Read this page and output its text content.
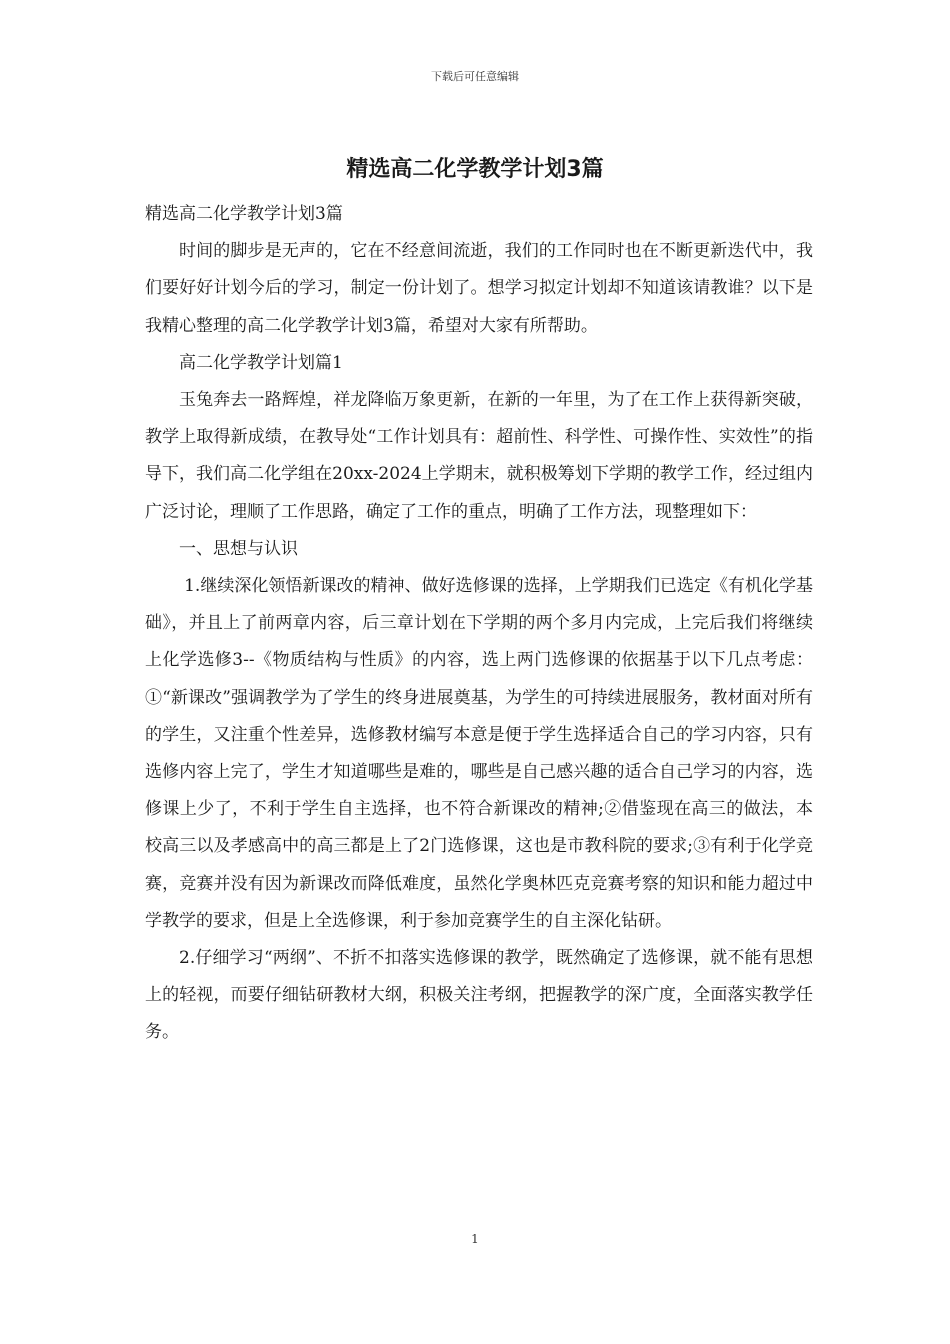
下载后可任意编辑
精选高二化学教学计划3篇

精选高二化学教学计划3篇

时间的脚步是无声的，它在不经意间流逝，我们的工作同时也在不断更新迭代中，我们要好好计划今后的学习，制定一份计划了。想学习拟定计划却不知道该请教谁？以下是我精心整理的高二化学教学计划3篇，希望对大家有所帮助。

高二化学教学计划篇1

玉兔奔去一路辉煌，祥龙降临万象更新，在新的一年里，为了在工作上获得新突破，教学上取得新成绩，在教导处“工作计划具有：超前性、科学性、可操作性、实效性”的指导下，我们高二化学组在20xx-2024上学期末，就积极筹划下学期的教学工作，经过组内广泛讨论，理顺了工作思路，确定了工作的重点，明确了工作方法，现整理如下：

一、思想与认识

1.继续深化领悟新课改的精神、做好选修课的选择，上学期我们已选定《有机化学基础》，并且上了前两章内容，后三章计划在下学期的两个多月内完成，上完后我们将继续上化学选修3--《物质结构与性质》的内容，选上两门选修课的依据基于以下几点考虑：①“新课改”强调教学为了学生的终身进展奠基，为学生的可持续进展服务，教材面对所有的学生，又注重个性差异，选修教材编写本意是便于学生选择适合自己的学习内容，只有选修内容上完了，学生才知道哪些是难的，哪些是自己感兴趣的适合自己学习的内容，选修课上少了，不利于学生自主选择，也不符合新课改的精神;②借鉴现在高三的做法，本校高三以及孝感高中的高三都是上了2门选修课，这也是市教科院的要求;③有利于化学竞赛，竞赛并没有因为新课改而降低难度，虽然化学奥林匹克竞赛考察的知识和能力超过中学教学的要求，但是上全选修课，利于参加竞赛学生的自主深化钻研。

2.仔细学习“两纲”、不折不扣落实选修课的教学，既然确定了选修课，就不能有思想上的轻视，而要仔细钻研教材大纲，积极关注考纲，把握教学的深广度，全面落实教学任务。

1
